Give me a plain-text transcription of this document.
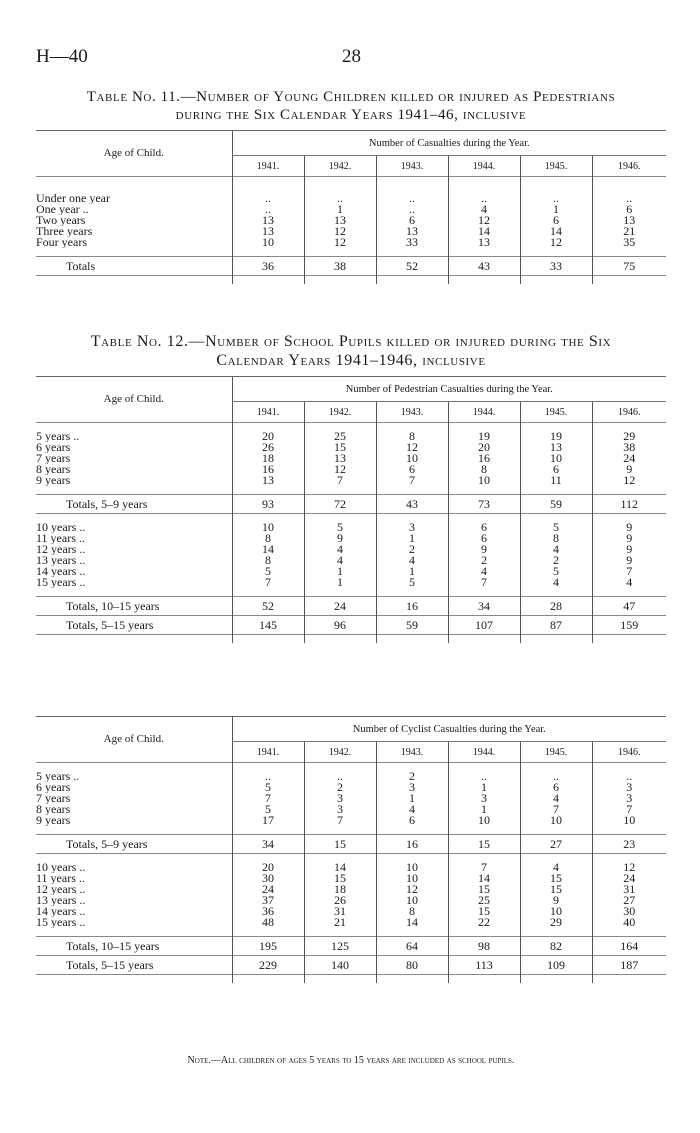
H—40	28
Table No. 11.—Number of Young Children killed or injured as Pedestrians
during the Six Calendar Years 1941–46, inclusive
Age of Child.	Number of Casualties during the Year.					
	1941.	1942.	1943.	1944.	1945.	1946.

Under one year	..	..	..	..	..	..
One year ..	..	1	..	4	1	6
Two years	13	13	6	12	6	13
Three years	13	12	13	14	14	21
Four years	10	12	33	13	12	35

Totals	36	38	52	43	33	75

Table No. 12.—Number of School Pupils killed or injured during the Six
Calendar Years 1941–1946, inclusive
Age of Child.	Number of Pedestrian Casualties during the Year.					
	1941.	1942.	1943.	1944.	1945.	1946.

5 years ..	20	25	8	19	19	29
6 years	26	15	12	20	13	38
7 years	18	13	10	16	10	24
8 years	16	12	6	8	6	9
9 years	13	7	7	10	11	12

Totals, 5–9 years	93	72	43	73	59	112

10 years ..	10	5	3	6	5	9
11 years ..	8	9	1	6	8	9
12 years ..	14	4	2	9	4	9
13 years ..	8	4	4	2	2	9
14 years ..	5	1	1	4	5	7
15 years ..	7	1	5	7	4	4

Totals, 10–15 years	52	24	16	34	28	47
Totals, 5–15 years	145	96	59	107	87	159

Age of Child.	Number of Cyclist Casualties during the Year.					
	1941.	1942.	1943.	1944.	1945.	1946.

5 years ..	..	..	2	..	..	..
6 years	5	2	3	1	6	3
7 years	7	3	1	3	4	3
8 years	5	3	4	1	7	7
9 years	17	7	6	10	10	10

Totals, 5–9 years	34	15	16	15	27	23

10 years ..	20	14	10	7	4	12
11 years ..	30	15	10	14	15	24
12 years ..	24	18	12	15	15	31
13 years ..	37	26	10	25	9	27
14 years ..	36	31	8	15	10	30
15 years ..	48	21	14	22	29	40

Totals, 10–15 years	195	125	64	98	82	164
Totals, 5–15 years	229	140	80	113	109	187

Note.—All children of ages 5 years to 15 years are included as school pupils.
